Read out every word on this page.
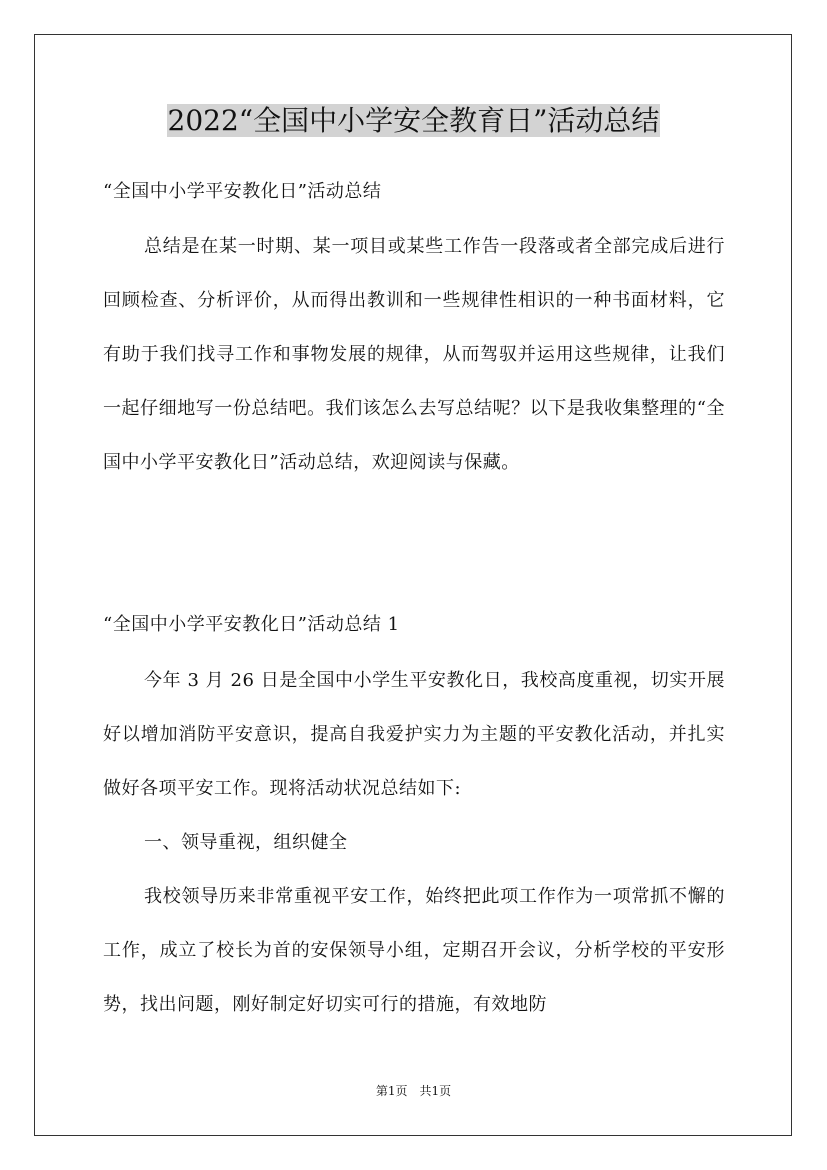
2022“全国中小学安全教育日”活动总结

“全国中小学平安教化日”活动总结

总结是在某一时期、某一项目或某些工作告一段落或者全部完成后进行回顾检查、分析评价，从而得出教训和一些规律性相识的一种书面材料，它有助于我们找寻工作和事物发展的规律，从而驾驭并运用这些规律，让我们一起仔细地写一份总结吧。我们该怎么去写总结呢？以下是我收集整理的“全国中小学平安教化日”活动总结，欢迎阅读与保藏。

“全国中小学平安教化日”活动总结 1

今年 3 月 26 日是全国中小学生平安教化日，我校高度重视，切实开展好以增加消防平安意识，提高自我爱护实力为主题的平安教化活动，并扎实做好各项平安工作。现将活动状况总结如下:

一、领导重视，组织健全

我校领导历来非常重视平安工作，始终把此项工作作为一项常抓不懈的工作，成立了校长为首的安保领导小组，定期召开会议，分析学校的平安形势，找出问题，刚好制定好切实可行的措施，有效地防

第1页　共1页
